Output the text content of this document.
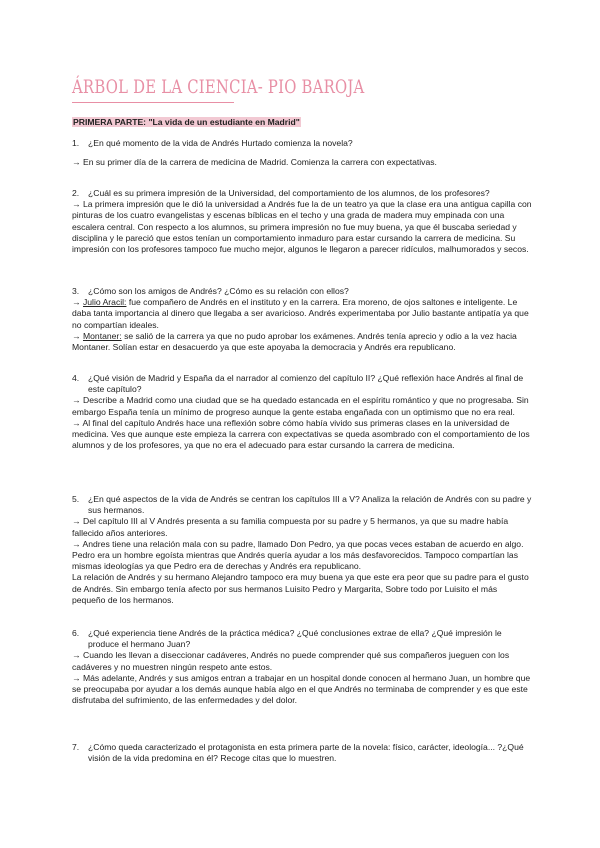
ÁRBOL DE LA CIENCIA- PIO BAROJA
PRIMERA PARTE: "La vida de un estudiante en Madrid"
1.	¿En qué momento de la vida de Andrés Hurtado comienza la novela?

→ En su primer día de la carrera de medicina de Madrid. Comienza la carrera con expectativas.

2.	¿Cuál es su primera impresión de la Universidad, del comportamiento de los alumnos, de los profesores?

→ La primera impresión que le dió la universidad a Andrés fue la de un teatro ya que la clase era una antigua capilla con pinturas de los cuatro evangelistas y escenas bíblicas en el techo y una grada de madera muy empinada con una escalera central. Con respecto a los alumnos, su primera impresión no fue muy buena, ya que él buscaba seriedad y disciplina y le pareció que estos tenían un comportamiento inmaduro para estar cursando la carrera de medicina. Su impresión con los profesores tampoco fue mucho mejor, algunos le llegaron a parecer ridículos, malhumorados y secos.

3.	¿Cómo son los amigos de Andrés? ¿Cómo es su relación con ellos?

→ Julio Aracil: fue compañero de Andrés en el instituto y en la carrera. Era moreno, de ojos saltones e inteligente. Le daba tanta importancia al dinero que llegaba a ser avaricioso. Andrés experimentaba por Julio bastante antipatía ya que no compartían ideales.

→ Montaner: se salió de la carrera ya que no pudo aprobar los exámenes. Andrés tenía aprecio y odio a la vez hacia Montaner. Solían estar en desacuerdo ya que este apoyaba la democracia y Andrés era republicano.

4.	¿Qué visión de Madrid y España da el narrador al comienzo del capítulo II? ¿Qué reflexión hace Andrés al final de este capítulo?

→ Describe a Madrid como una ciudad que se ha quedado estancada en el espíritu romántico y que no progresaba. Sin embargo España tenía un mínimo de progreso aunque la gente estaba engañada con un optimismo que no era real.

→ Al final del capítulo Andrés hace una reflexión sobre cómo había vivido sus primeras clases en la universidad de medicina. Ves que aunque este empieza la carrera con expectativas se queda asombrado con el comportamiento de los alumnos y de los profesores, ya que no era el adecuado para estar cursando la carrera de medicina.

5.	¿En qué aspectos de la vida de Andrés se centran los capítulos III a V? Analiza la relación de Andrés con su padre y sus hermanos.

→ Del capítulo III al V Andrés presenta a su familia compuesta por su padre y 5 hermanos, ya que su madre había fallecido años anteriores.

→ Andres tiene una relación mala con su padre, llamado Don Pedro, ya que pocas veces estaban de acuerdo en algo. Pedro era un hombre egoísta mientras que Andrés quería ayudar a los más desfavorecidos. Tampoco compartían las mismas ideologías ya que Pedro era de derechas y Andrés era republicano.

La relación de Andrés y su hermano Alejandro tampoco era muy buena ya que este era peor que su padre para el gusto de Andrés. Sin embargo tenía afecto por sus hermanos Luisito Pedro y Margarita, Sobre todo por Luisito el más pequeño de los hermanos.

6.	¿Qué experiencia tiene Andrés de la práctica médica? ¿Qué conclusiones extrae de ella? ¿Qué impresión le produce el hermano Juan?

→ Cuando les llevan a diseccionar cadáveres, Andrés no puede comprender qué sus compañeros jueguen con los cadáveres y no muestren ningún respeto ante estos.

→ Más adelante, Andrés y sus amigos entran a trabajar en un hospital donde conocen al hermano Juan, un hombre que se preocupaba por ayudar a los demás aunque había algo en el que Andrés no terminaba de comprender y es que este disfrutaba del sufrimiento, de las enfermedades y del dolor.

7.	¿Cómo queda caracterizado el protagonista en esta primera parte de la novela: físico, carácter, ideología... ?¿Qué visión de la vida predomina en él? Recoge citas que lo muestren.
